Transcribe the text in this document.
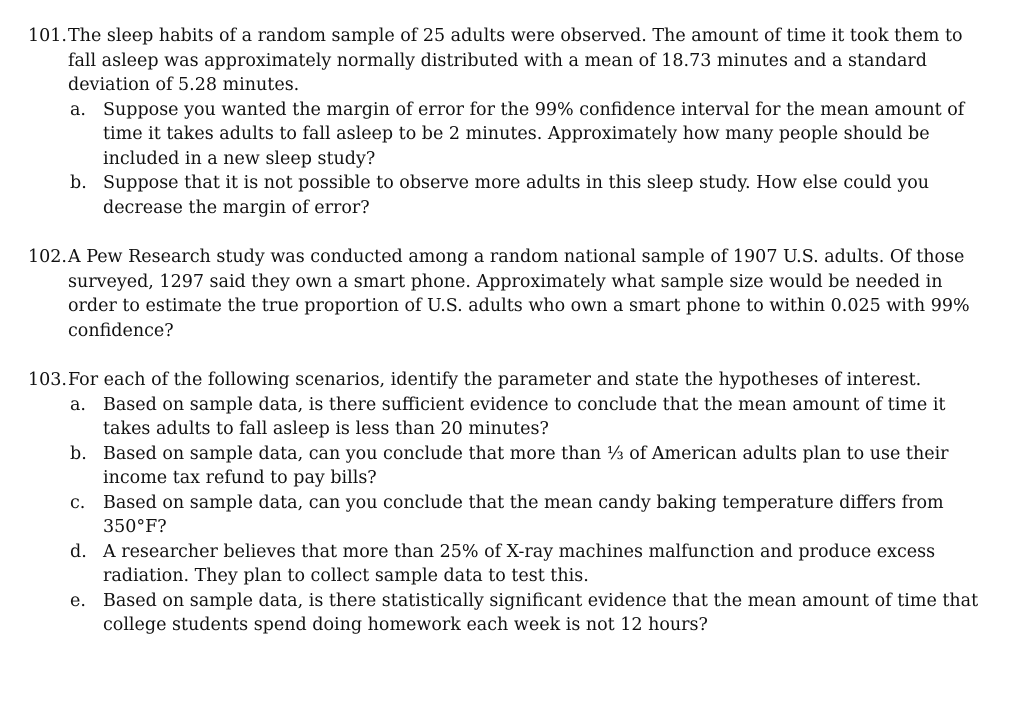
101. The sleep habits of a random sample of 25 adults were observed. The amount of time it took them to fall asleep was approximately normally distributed with a mean of 18.73 minutes and a standard deviation of 5.28 minutes.
a. Suppose you wanted the margin of error for the 99% confidence interval for the mean amount of time it takes adults to fall asleep to be 2 minutes. Approximately how many people should be included in a new sleep study?
b. Suppose that it is not possible to observe more adults in this sleep study. How else could you decrease the margin of error?
102. A Pew Research study was conducted among a random national sample of 1907 U.S. adults. Of those surveyed, 1297 said they own a smart phone. Approximately what sample size would be needed in order to estimate the true proportion of U.S. adults who own a smart phone to within 0.025 with 99% confidence?
103. For each of the following scenarios, identify the parameter and state the hypotheses of interest.
a. Based on sample data, is there sufficient evidence to conclude that the mean amount of time it takes adults to fall asleep is less than 20 minutes?
b. Based on sample data, can you conclude that more than ⅓ of American adults plan to use their income tax refund to pay bills?
c.	Based on sample data, can you conclude that the mean candy baking temperature differs from 350°F?
d. A researcher believes that more than 25% of X-ray machines malfunction and produce excess radiation. They plan to collect sample data to test this.
e. Based on sample data, is there statistically significant evidence that the mean amount of time that college students spend doing homework each week is not 12 hours?
